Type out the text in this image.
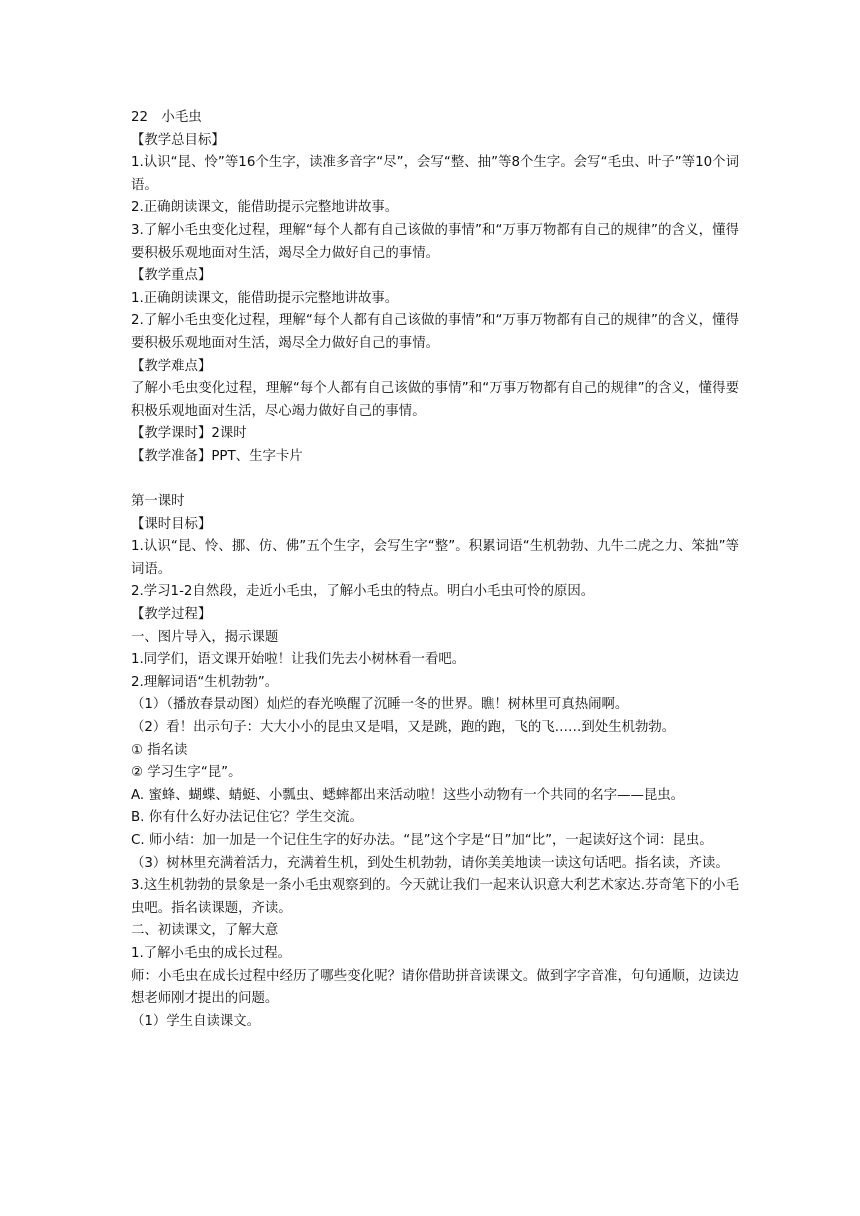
22　小毛虫
【教学总目标】
1.认识“昆、怜”等16个生字，读准多音字“尽”，会写“整、抽”等8个生字。会写“毛虫、叶子”等10个词语。
2.正确朗读课文，能借助提示完整地讲故事。
3.了解小毛虫变化过程，理解“每个人都有自己该做的事情”和“万事万物都有自己的规律”的含义，懂得要积极乐观地面对生活，竭尽全力做好自己的事情。
【教学重点】
1.正确朗读课文，能借助提示完整地讲故事。
2.了解小毛虫变化过程，理解“每个人都有自己该做的事情”和“万事万物都有自己的规律”的含义，懂得要积极乐观地面对生活，竭尽全力做好自己的事情。
【教学难点】
了解小毛虫变化过程，理解“每个人都有自己该做的事情”和“万事万物都有自己的规律”的含义，懂得要积极乐观地面对生活，尽心竭力做好自己的事情。
【教学课时】2课时
【教学准备】PPT、生字卡片
第一课时
【课时目标】
1.认识“昆、怜、挪、仿、佛”五个生字，会写生字“整”。积累词语“生机勃勃、九牛二虎之力、笨拙”等词语。
2.学习1-2自然段，走近小毛虫，了解小毛虫的特点。明白小毛虫可怜的原因。
【教学过程】
一、图片导入，揭示课题
1.同学们，语文课开始啦！让我们先去小树林看一看吧。
2.理解词语“生机勃勃”。
（1）（播放春景动图）灿烂的春光唤醒了沉睡一冬的世界。瞧！树林里可真热闹啊。
（2）看！出示句子：大大小小的昆虫又是唱，又是跳，跑的跑，飞的飞……到处生机勃勃。
① 指名读
② 学习生字“昆”。
A. 蜜蜂、蝴蝶、蜻蜓、小瓢虫、蟋蟀都出来活动啦！这些小动物有一个共同的名字——昆虫。
B. 你有什么好办法记住它？学生交流。
C. 师小结：加一加是一个记住生字的好办法。“昆”这个字是“日”加“比”，一起读好这个词：昆虫。
（3）树林里充满着活力，充满着生机，到处生机勃勃，请你美美地读一读这句话吧。指名读，齐读。
3.这生机勃勃的景象是一条小毛虫观察到的。今天就让我们一起来认识意大利艺术家达.芬奇笔下的小毛虫吧。指名读课题，齐读。
二、初读课文，了解大意
1.了解小毛虫的成长过程。
师：小毛虫在成长过程中经历了哪些变化呢？请你借助拼音读课文。做到字字音准，句句通顺，边读边想老师刚才提出的问题。
（1）学生自读课文。
